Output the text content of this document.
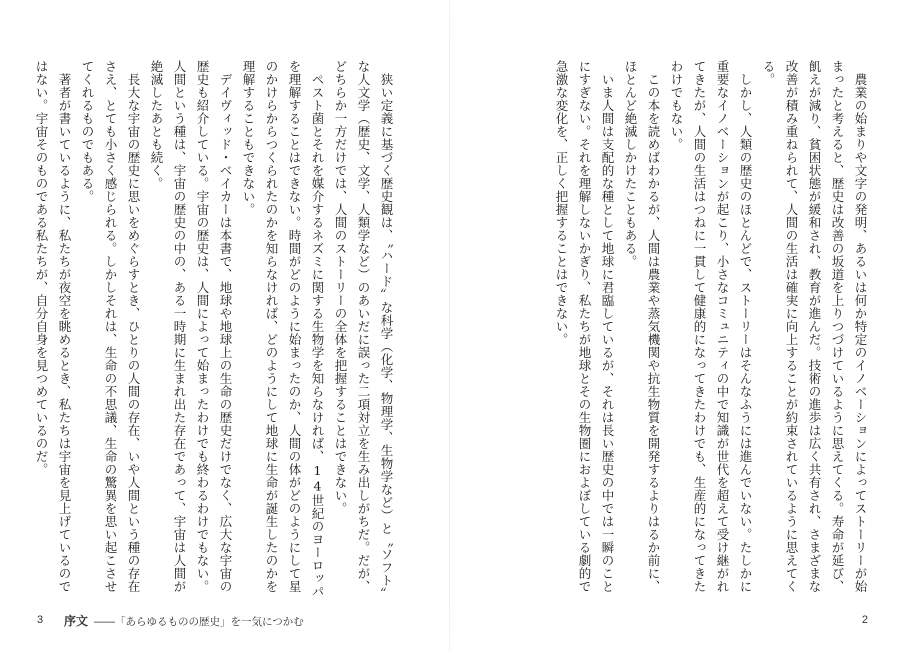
狭い定義に基づく歴史観は、〝ハード〟な科学（化学、物理学、生物学など）と〝ソフト〟な人文学（歴史、文学、人類学など）のあいだに誤った二項対立を生み出しがちだ。だが、どちらか一方だけでは、人間のストーリーの全体を把握することはできない。

ペスト菌とそれを媒介するネズミに関する生物学を知らなければ、14世紀のヨーロッパを理解することはできない。時間がどのように始まったのか、人間の体がどのようにして星のかけらからつくられたのかを知らなければ、どのようにして地球に生命が誕生したのかを理解することもできない。

デイヴィッド・ベイカーは本書で、地球や地球上の生命の歴史だけでなく、広大な宇宙の歴史も紹介している。宇宙の歴史は、人間によって始まったわけでも終わるわけでもない。人間という種は、宇宙の歴史の中の、ある一時期に生まれ出た存在であって、宇宙は人間が絶滅したあとも続く。

長大な宇宙の歴史に思いをめぐらすとき、ひとりの人間の存在、いや人間という種の存在さえ、とても小さく感じられる。しかしそれは、生命の不思議、生命の驚異を思い起こさせてくれるものでもある。

著者が書いているように、私たちが夜空を眺めるとき、私たちは宇宙を見上げているのではない。宇宙そのものである私たちが、自分自身を見つめているのだ。

3 序文 ――「あらゆるものの歴史」を一気につかむ

農業の始まりや文字の発明、あるいは何か特定のイノベーションによってストーリーが始まったと考えると、歴史は改善の坂道を上りつづけているように思えてくる。寿命が延び、飢えが減り、貧困状態が緩和され、教育が進んだ。技術の進歩は広く共有され、さまざまな改善が積み重ねられて、人間の生活は確実に向上することが約束されているように思えてくる。

しかし、人類の歴史のほとんどで、ストーリーはそんなふうには進んでいない。たしかに重要なイノベーションが起こり、小さなコミュニティの中で知識が世代を超えて受け継がれてきたが、人間の生活はつねに一貫して健康的になってきたわけでも、生産的になってきたわけでもない。

この本を読めばわかるが、人間は農業や蒸気機関や抗生物質を開発するよりはるか前に、ほとんど絶滅しかけたこともある。

いま人間は支配的な種として地球に君臨しているが、それは長い歴史の中では一瞬のことにすぎない。それを理解しないかぎり、私たちが地球とその生物圏におよぼしている劇的で急激な変化を、正しく把握することはできない。

2
